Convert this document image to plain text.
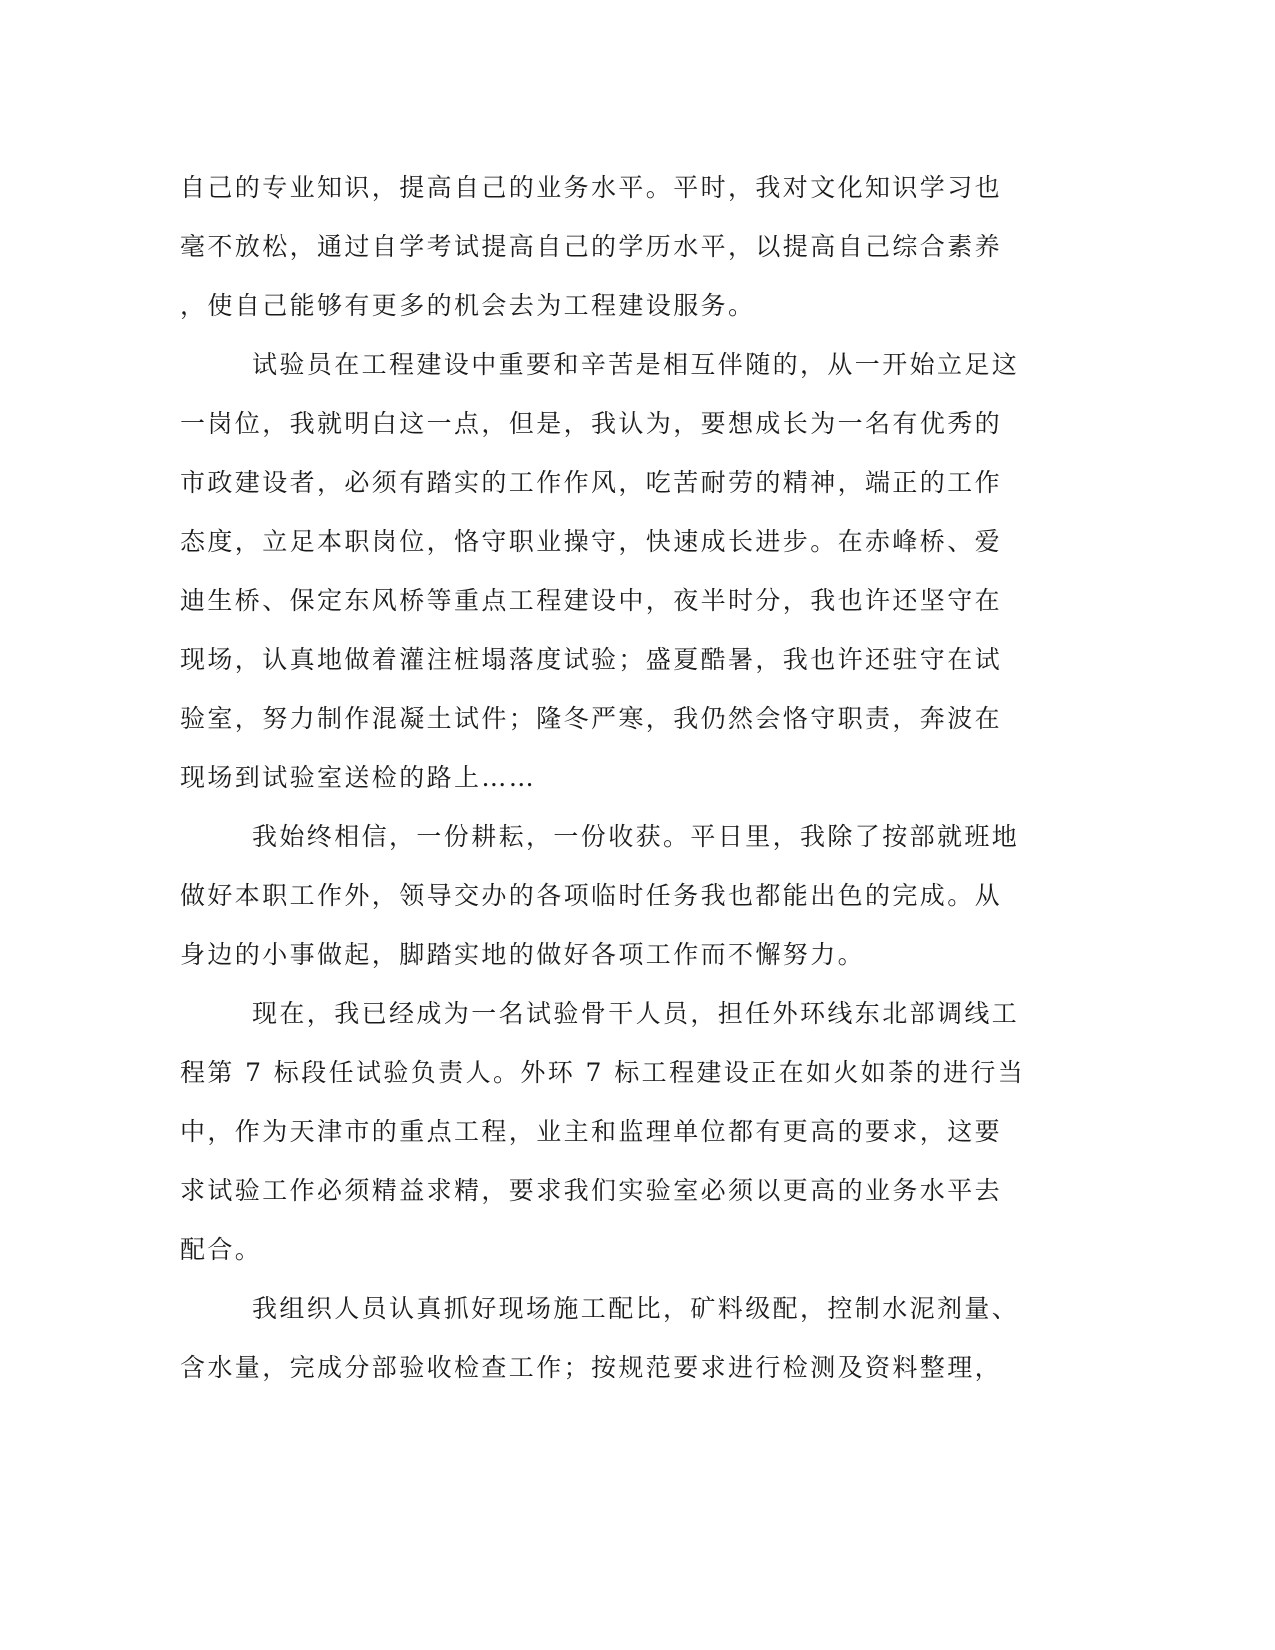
自己的专业知识，提高自己的业务水平。平时，我对文化知识学习也
毫不放松，通过自学考试提高自己的学历水平，以提高自己综合素养
，使自己能够有更多的机会去为工程建设服务。
试验员在工程建设中重要和辛苦是相互伴随的，从一开始立足这
一岗位，我就明白这一点，但是，我认为，要想成长为一名有优秀的
市政建设者，必须有踏实的工作作风，吃苦耐劳的精神，端正的工作
态度，立足本职岗位，恪守职业操守，快速成长进步。在赤峰桥、爱
迪生桥、保定东风桥等重点工程建设中，夜半时分，我也许还坚守在
现场，认真地做着灌注桩塌落度试验；盛夏酷暑，我也许还驻守在试
验室，努力制作混凝土试件；隆冬严寒，我仍然会恪守职责，奔波在
现场到试验室送检的路上……
我始终相信，一份耕耘，一份收获。平日里，我除了按部就班地
做好本职工作外，领导交办的各项临时任务我也都能出色的完成。从
身边的小事做起，脚踏实地的做好各项工作而不懈努力。
现在，我已经成为一名试验骨干人员，担任外环线东北部调线工
程第 7 标段任试验负责人。外环 7 标工程建设正在如火如荼的进行当
中，作为天津市的重点工程，业主和监理单位都有更高的要求，这要
求试验工作必须精益求精，要求我们实验室必须以更高的业务水平去
配合。
我组织人员认真抓好现场施工配比，矿料级配，控制水泥剂量、
含水量，完成分部验收检查工作；按规范要求进行检测及资料整理，
